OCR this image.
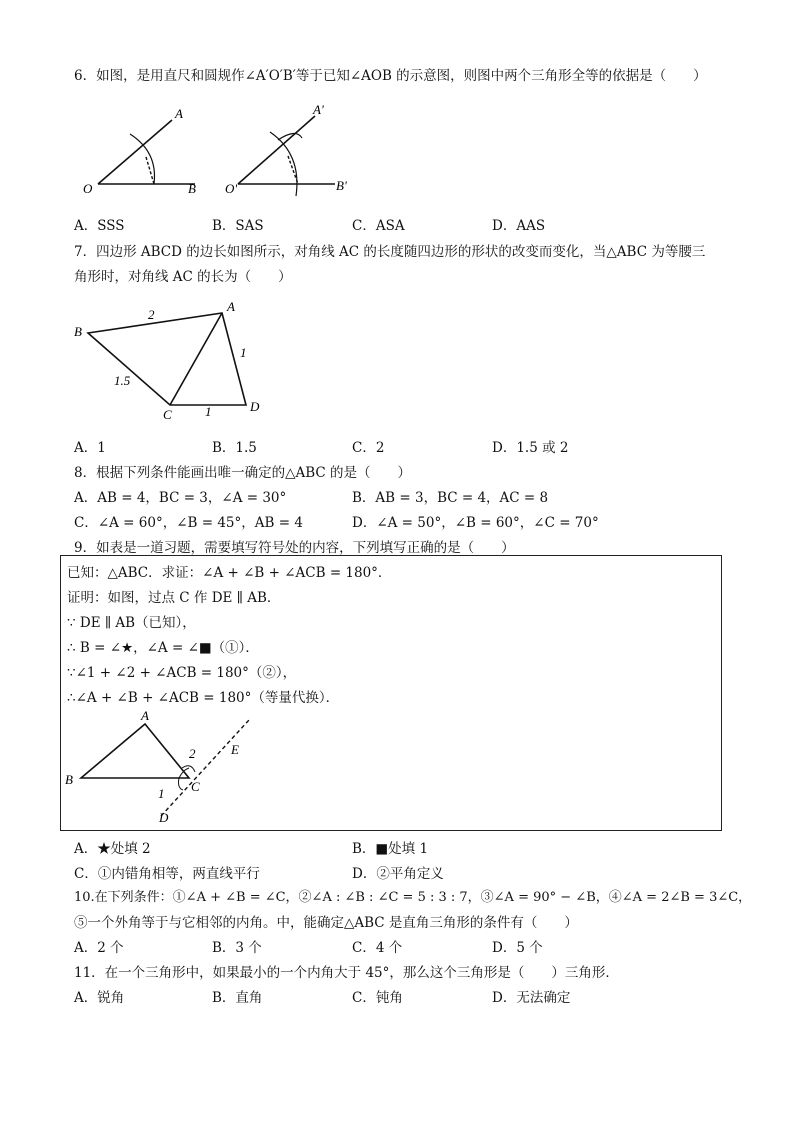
6．如图，是用直尺和圆规作∠A′O′B′等于已知∠AOB 的示意图，则图中两个三角形全等的依据是（　　）
A
O	B
A'
O'	B'
A．SSS	B．SAS	C．ASA	D．AAS
7．四边形 ABCD 的边长如图所示，对角线 AC 的长度随四边形的形状的改变而变化，当△ABC 为等腰三
角形时，对角线 AC 的长为（　　）
B
A
C
D
2
1
1.5
1
A．1	B．1.5	C．2	D．1.5 或 2
8．根据下列条件能画出唯一确定的△ABC 的是（　　）
A．AB = 4，BC = 3，∠A = 30°	B．AB = 3，BC = 4，AC = 8
C．∠A = 60°，∠B = 45°，AB = 4	D．∠A = 50°，∠B = 60°，∠C = 70°
9．如表是一道习题，需要填写符号处的内容，下列填写正确的是（　　）
已知：△ABC．求证：∠A + ∠B + ∠ACB = 180°．
证明：如图，过点 C 作 DE ∥ AB．
∵ DE ∥ AB（已知），
∴ B = ∠★，∠A = ∠■（①）．
∵∠1 + ∠2 + ∠ACB = 180°（②），
∴∠A + ∠B + ∠ACB = 180°（等量代换）．
A
B	C
D
E
1
2
A．★处填 2	B．■处填 1
C．①内错角相等，两直线平行	D．②平角定义
10.在下列条件：①∠A + ∠B = ∠C，②∠A : ∠B : ∠C = 5 : 3 : 7，③∠A = 90° − ∠B，④∠A = 2∠B = 3∠C，
⑤一个外角等于与它相邻的内角。中，能确定△ABC 是直角三角形的条件有（　　）
A．2 个	B．3 个	C．4 个	D．5 个
11．在一个三角形中，如果最小的一个内角大于 45°，那么这个三角形是（　　）三角形．
A．锐角	B．直角	C．钝角	D．无法确定
